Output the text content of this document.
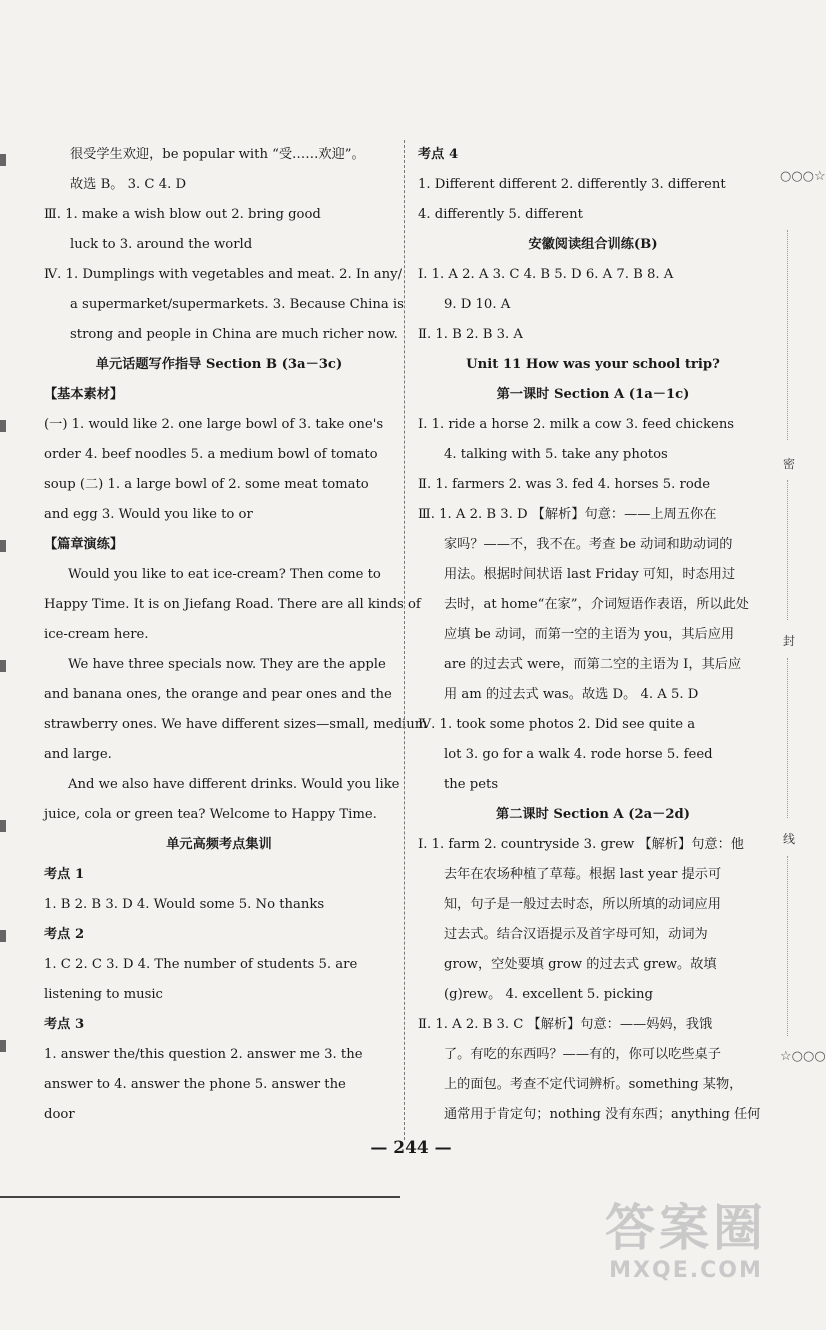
很受学生欢迎，be popular with “受……欢迎”。
故选 B。 3. C 4. D
Ⅲ. 1. make a wish blow out 2. bring good
luck to 3. around the world
Ⅳ. 1. Dumplings with vegetables and meat. 2. In any/
a supermarket/supermarkets. 3. Because China is
strong and people in China are much richer now.
单元话题写作指导 Section B (3a－3c)
【基本素材】
(一) 1. would like 2. one large bowl of 3. take one's
order 4. beef noodles 5. a medium bowl of tomato
soup (二) 1. a large bowl of 2. some meat tomato
and egg 3. Would you like to or
【篇章演练】
Would you like to eat ice-cream? Then come to
Happy Time. It is on Jiefang Road. There are all kinds of
ice-cream here.
We have three specials now. They are the apple
and banana ones, the orange and pear ones and the
strawberry ones. We have different sizes—small, medium
and large.
And we also have different drinks. Would you like
juice, cola or green tea? Welcome to Happy Time.
单元高频考点集训
考点 1
1. B 2. B 3. D 4. Would some 5. No thanks
考点 2
1. C 2. C 3. D 4. The number of students 5. are
listening to music
考点 3
1. answer the/this question 2. answer me 3. the
answer to 4. answer the phone 5. answer the
door
考点 4
1. Different different 2. differently 3. different
4. differently 5. different
安徽阅读组合训练(B)
Ⅰ. 1. A 2. A 3. C 4. B 5. D 6. A 7. B 8. A
9. D 10. A
Ⅱ. 1. B 2. B 3. A
Unit 11 How was your school trip?
第一课时 Section A (1a－1c)
Ⅰ. 1. ride a horse 2. milk a cow 3. feed chickens
4. talking with 5. take any photos
Ⅱ. 1. farmers 2. was 3. fed 4. horses 5. rode
Ⅲ. 1. A 2. B 3. D 【解析】句意：——上周五你在
家吗？——不，我不在。考查 be 动词和助动词的
用法。根据时间状语 last Friday 可知，时态用过
去时，at home“在家”，介词短语作表语，所以此处
应填 be 动词，而第一空的主语为 you，其后应用
are 的过去式 were，而第二空的主语为 I，其后应
用 am 的过去式 was。故选 D。 4. A 5. D
Ⅳ. 1. took some photos 2. Did see quite a
lot 3. go for a walk 4. rode horse 5. feed
the pets
第二课时 Section A (2a－2d)
Ⅰ. 1. farm 2. countryside 3. grew 【解析】句意：他
去年在农场种植了草莓。根据 last year 提示可
知，句子是一般过去时态，所以所填的动词应用
过去式。结合汉语提示及首字母可知，动词为
grow，空处要填 grow 的过去式 grew。故填
(g)rew。 4. excellent 5. picking
Ⅱ. 1. A 2. B 3. C 【解析】句意：——妈妈，我饿
了。有吃的东西吗？——有的，你可以吃些桌子
上的面包。考查不定代词辨析。something 某物，
通常用于肯定句；nothing 没有东西；anything 任何
○○○☆
密
封
线
☆○○○
— 244 —
答案圈
MXQE.COM
